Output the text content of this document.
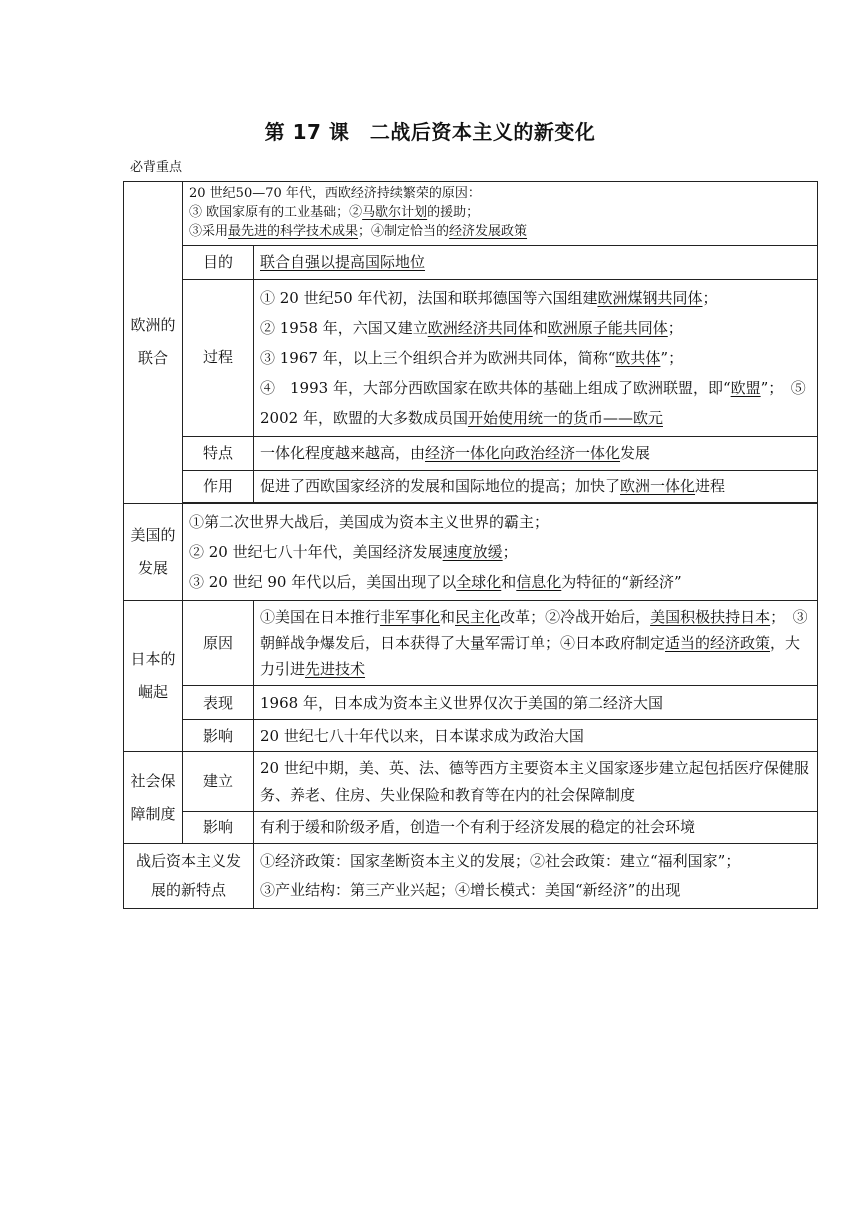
第 17 课　二战后资本主义的新变化
必背重点
欧洲的联合	20 世纪50—70 年代，西欧经济持续繁荣的原因：
③ 欧国家原有的工业基础；②马歇尔计划的援助；
③采用最先进的科学技术成果；④制定恰当的经济发展政策	

	目的	联合自强以提高国际地位
	过程	① 20 世纪50 年代初，法国和联邦德国等六国组建欧洲煤钢共同体；
② 1958 年，六国又建立欧洲经济共同体和欧洲原子能共同体；
③ 1967 年，以上三个组织合并为欧洲共同体，简称“欧共体”；
④　1993 年，大部分西欧国家在欧共体的基础上组成了欧洲联盟，即“欧盟”；　⑤ 2002 年，欧盟的大多数成员国开始使用统一的货币——欧元

	特点	一体化程度越来越高，由经济一体化向政治经济一体化发展
	作用	促进了西欧国家经济的发展和国际地位的提高；加快了欧洲一体化进程

美国的发展	①第二次世界大战后，美国成为资本主义世界的霸主；
② 20 世纪七八十年代，美国经济发展速度放缓；
③ 20 世纪 90 年代以后，美国出现了以全球化和信息化为特征的“新经济”	

日本的崛起	原因	①美国在日本推行非军事化和民主化改革；②冷战开始后，美国积极扶持日本；　③朝鲜战争爆发后，日本获得了大量军需订单；④日本政府制定适当的经济政策，大力引进先进技术
	表现	1968 年，日本成为资本主义世界仅次于美国的第二经济大国
	影响	20 世纪七八十年代以来，日本谋求成为政治大国
社会保障制度	建立	20 世纪中期，美、英、法、德等西方主要资本主义国家逐步建立起包括医疗保健服务、养老、住房、失业保险和教育等在内的社会保障制度
	影响	有利于缓和阶级矛盾，创造一个有利于经济发展的稳定的社会环境
战后资本主义发展的新特点		①经济政策：国家垄断资本主义的发展；②社会政策：建立“福利国家”；
③产业结构：第三产业兴起；④增长模式：美国“新经济”的出现
